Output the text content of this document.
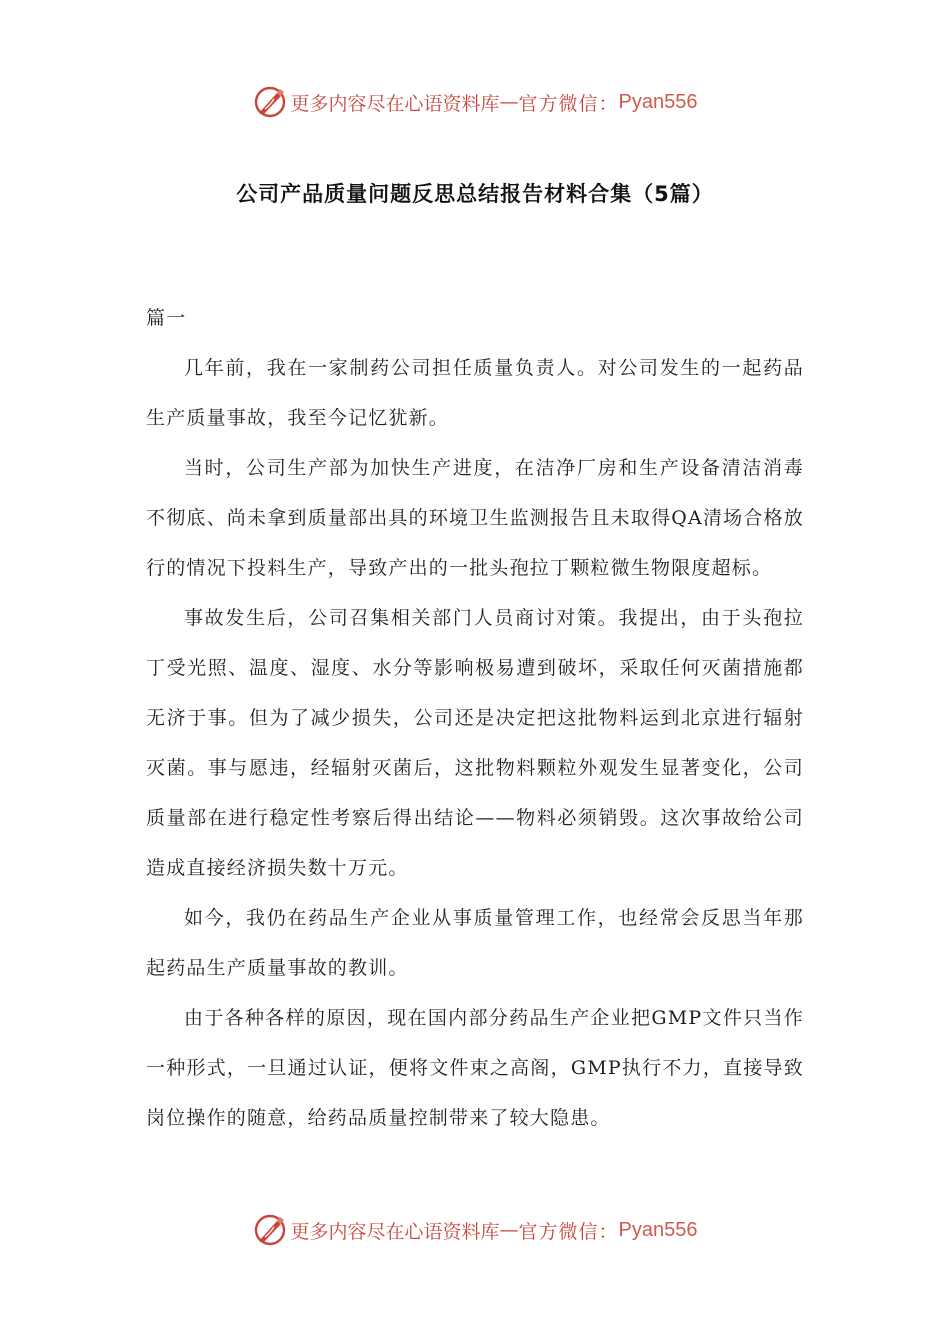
更多内容尽在心语资料库 — 官方微信： Pyan556
公司产品质量问题反思总结报告材料合集（5篇）

篇一

几年前，我在一家制药公司担任质量负责人。对公司发生的一起药品生产质量事故，我至今记忆犹新。

当时，公司生产部为加快生产进度，在洁净厂房和生产设备清洁消毒不彻底、尚未拿到质量部出具的环境卫生监测报告且未取得QA清场合格放行的情况下投料生产，导致产出的一批头孢拉丁颗粒微生物限度超标。

事故发生后，公司召集相关部门人员商讨对策。我提出，由于头孢拉丁受光照、温度、湿度、水分等影响极易遭到破坏，采取任何灭菌措施都无济于事。但为了减少损失，公司还是决定把这批物料运到北京进行辐射灭菌。事与愿违，经辐射灭菌后，这批物料颗粒外观发生显著变化，公司质量部在进行稳定性考察后得出结论——物料必须销毁。这次事故给公司造成直接经济损失数十万元。

如今，我仍在药品生产企业从事质量管理工作，也经常会反思当年那起药品生产质量事故的教训。

由于各种各样的原因，现在国内部分药品生产企业把GMP文件只当作一种形式，一旦通过认证，便将文件束之高阁，GMP执行不力，直接导致岗位操作的随意，给药品质量控制带来了较大隐患。

更多内容尽在心语资料库 — 官方微信： Pyan556
